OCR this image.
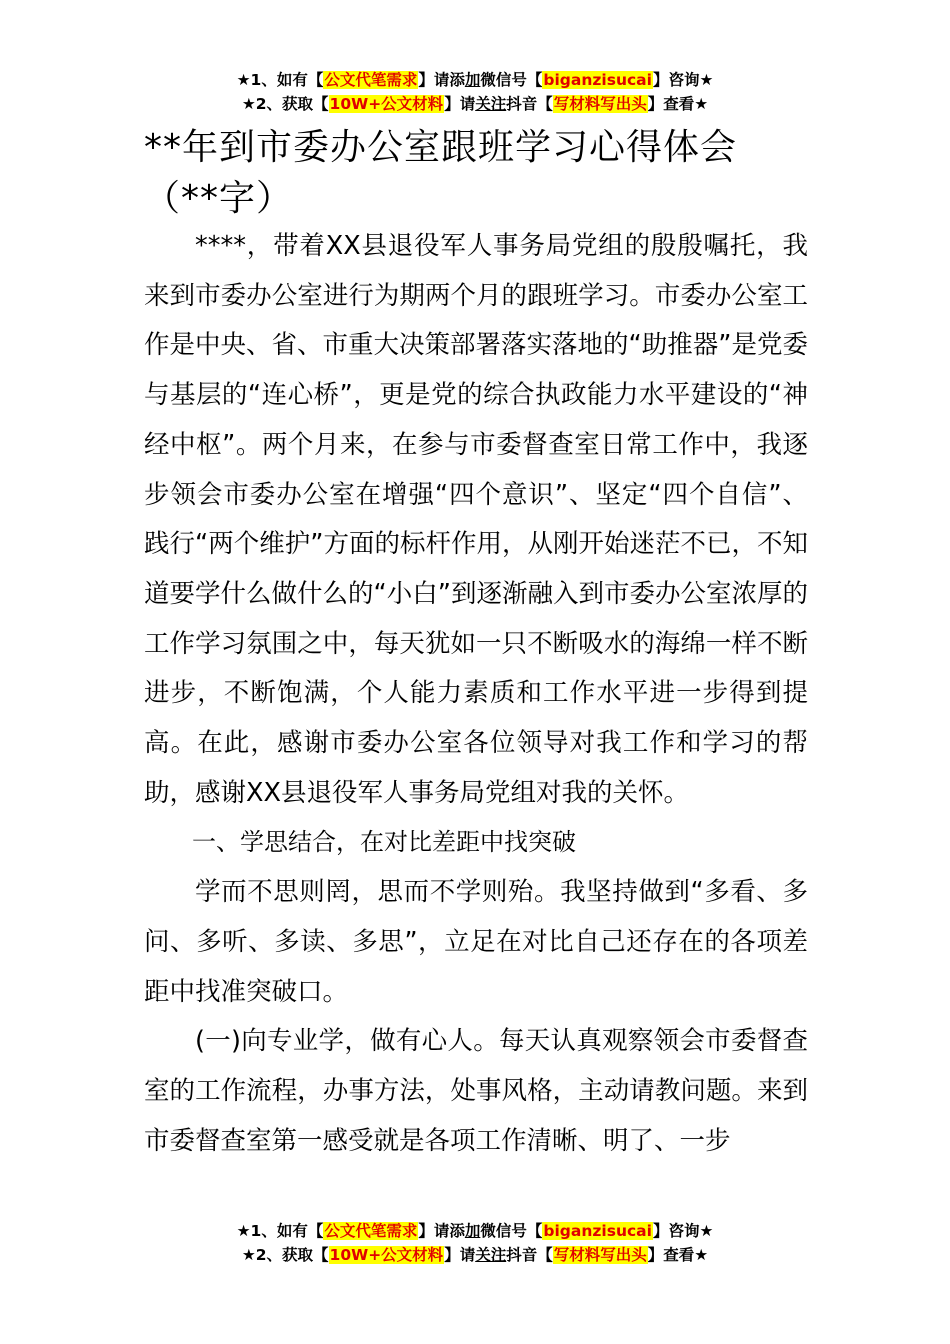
★1、如有【公文代笔需求】请添加微信号【biganzisucai】咨询★
★2、获取【10W+公文材料】请关注抖音【写材料写出头】查看★
**年到市委办公室跟班学习心得体会（**字）

****，带着XX县退役军人事务局党组的殷殷嘱托，我来到市委办公室进行为期两个月的跟班学习。市委办公室工作是中央、省、市重大决策部署落实落地的“助推器”是党委与基层的“连心桥”，更是党的综合执政能力水平建设的“神经中枢”。两个月来，在参与市委督查室日常工作中，我逐步领会市委办公室在增强“四个意识”、坚定“四个自信”、践行“两个维护”方面的标杆作用，从刚开始迷茫不已，不知道要学什么做什么的“小白”到逐渐融入到市委办公室浓厚的工作学习氛围之中，每天犹如一只不断吸水的海绵一样不断进步，不断饱满，个人能力素质和工作水平进一步得到提高。在此，感谢市委办公室各位领导对我工作和学习的帮助，感谢XX县退役军人事务局党组对我的关怀。

一、学思结合，在对比差距中找突破

学而不思则罔，思而不学则殆。我坚持做到“多看、多问、多听、多读、多思”，立足在对比自己还存在的各项差距中找准突破口。

(一)向专业学，做有心人。每天认真观察领会市委督查室的工作流程，办事方法，处事风格，主动请教问题。来到市委督查室第一感受就是各项工作清晰、明了、一步

★1、如有【公文代笔需求】请添加微信号【biganzisucai】咨询★
★2、获取【10W+公文材料】请关注抖音【写材料写出头】查看★
